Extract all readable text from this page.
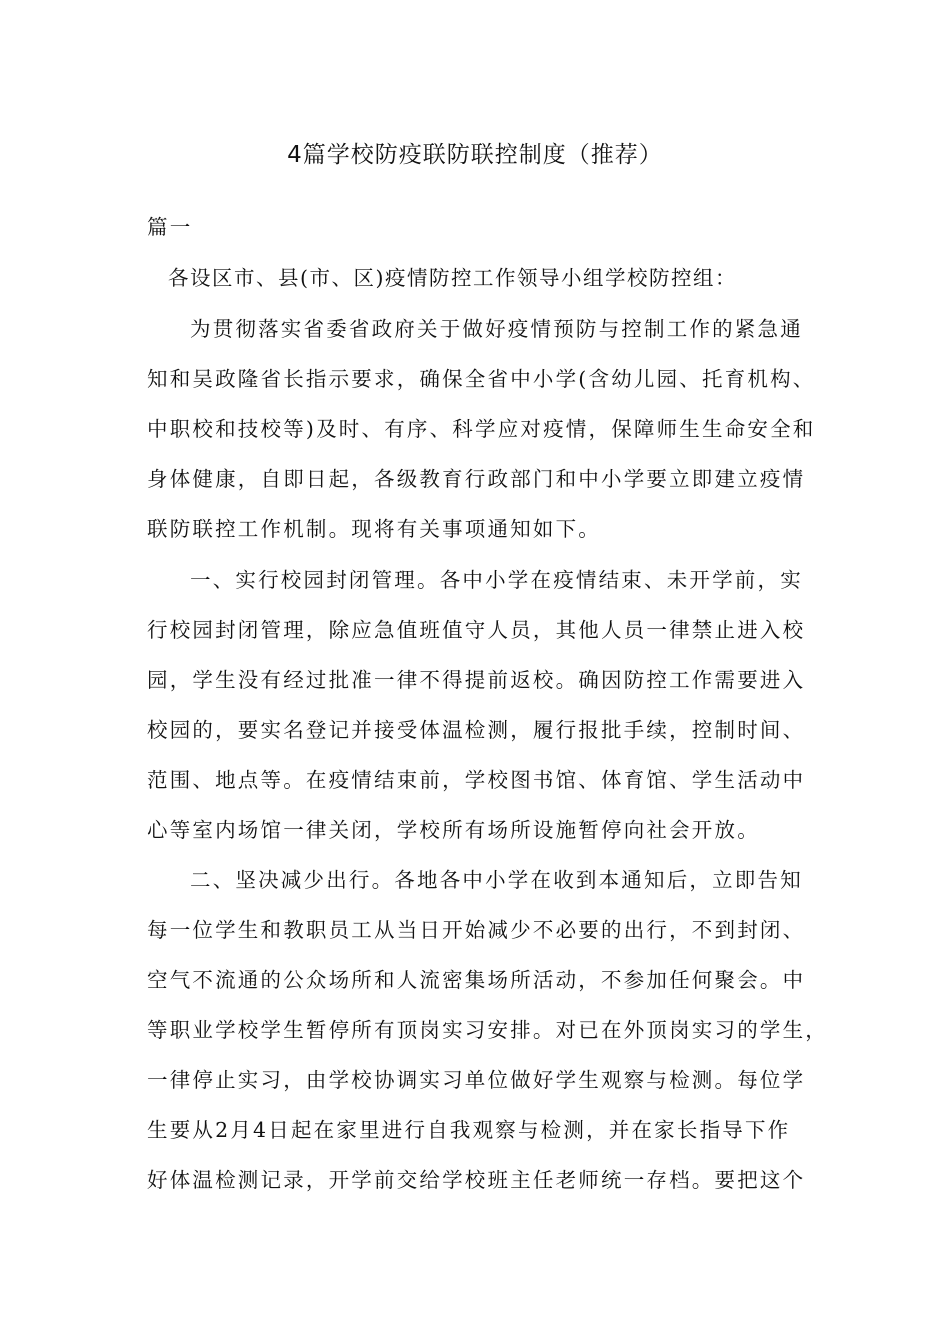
4篇学校防疫联防联控制度（推荐）
篇一
各设区市、县(市、区)疫情防控工作领导小组学校防控组：
为贯彻落实省委省政府关于做好疫情预防与控制工作的紧急通
知和吴政隆省长指示要求，确保全省中小学(含幼儿园、托育机构、
中职校和技校等)及时、有序、科学应对疫情，保障师生生命安全和
身体健康，自即日起，各级教育行政部门和中小学要立即建立疫情
联防联控工作机制。现将有关事项通知如下。
一、实行校园封闭管理。各中小学在疫情结束、未开学前，实
行校园封闭管理，除应急值班值守人员，其他人员一律禁止进入校
园，学生没有经过批准一律不得提前返校。确因防控工作需要进入
校园的，要实名登记并接受体温检测，履行报批手续，控制时间、
范围、地点等。在疫情结束前，学校图书馆、体育馆、学生活动中
心等室内场馆一律关闭，学校所有场所设施暂停向社会开放。
二、坚决减少出行。各地各中小学在收到本通知后，立即告知
每一位学生和教职员工从当日开始减少不必要的出行，不到封闭、
空气不流通的公众场所和人流密集场所活动，不参加任何聚会。中
等职业学校学生暂停所有顶岗实习安排。对已在外顶岗实习的学生，
一律停止实习，由学校协调实习单位做好学生观察与检测。每位学
生要从2月4日起在家里进行自我观察与检测，并在家长指导下作
好体温检测记录，开学前交给学校班主任老师统一存档。要把这个
